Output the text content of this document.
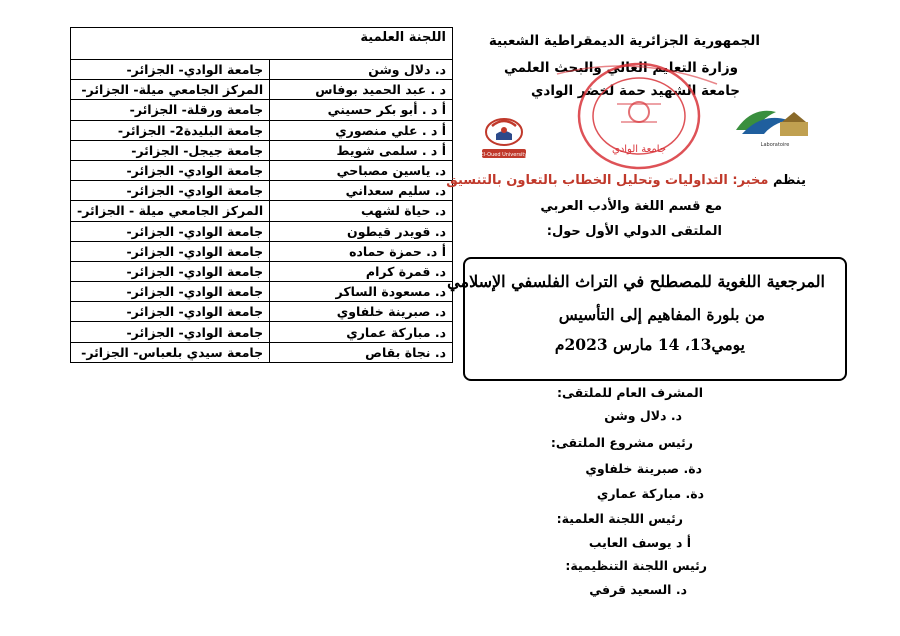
اللجنة العلمية	
د. دلال وشن	جامعة الوادي- الجزائر-
د . عبد الحميد بوفاس	المركز الجامعي ميلة- الجزائر-
أ د . أبو بكر حسيني	جامعة ورقلة- الجزائر-
أ د . علي منصوري	جامعة البليدة2- الجزائر-
أ د . سلمى شويط	جامعة جيجل- الجزائر-
د. ياسين مصباحي	جامعة الوادي- الجزائر-
د. سليم سعداني	جامعة الوادي- الجزائر-
د. حياة لشهب	المركز الجامعي ميلة - الجزائر-
د. قويدر قيطون	جامعة الوادي- الجزائر-
أ د. حمزة حماده	جامعة الوادي- الجزائر-
د. قمرة كرام	جامعة الوادي- الجزائر-
د. مسعودة الساكر	جامعة الوادي- الجزائر-
د. صبرينة خلفاوي	جامعة الوادي- الجزائر-
د. مباركة عماري	جامعة الوادي- الجزائر-
د. نجاة بقاص	جامعة سيدي بلعباس- الجزائر-
الجمهورية الجزائرية الديمقراطية الشعبية
وزارة التعليم العالي والبحث العلمي
جامعة الشهيد حمة لخضر الوادي
جامعة الوادي
El-Oued University
Laboratoire
ينظم مخبر: التداوليات وتحليل الخطاب بالتعاون بالتنسيق
مع قسم اللغة والأدب العربي
الملتقى الدولي الأول حول:
المرجعية اللغوية للمصطلح في التراث الفلسفي الإسلامي
من بلورة المفاهيم إلى التأسيس
يومي13، 14 مارس 2023م
المشرف العام للملتقى:
د. دلال وشن
رئيس مشروع الملتقى:
دة. صبرينة خلفاوي
دة. مباركة عماري
رئيس اللجنة العلمية:
أ د يوسف العايب
رئيس اللجنة التنظيمية:
د. السعيد قرفي
